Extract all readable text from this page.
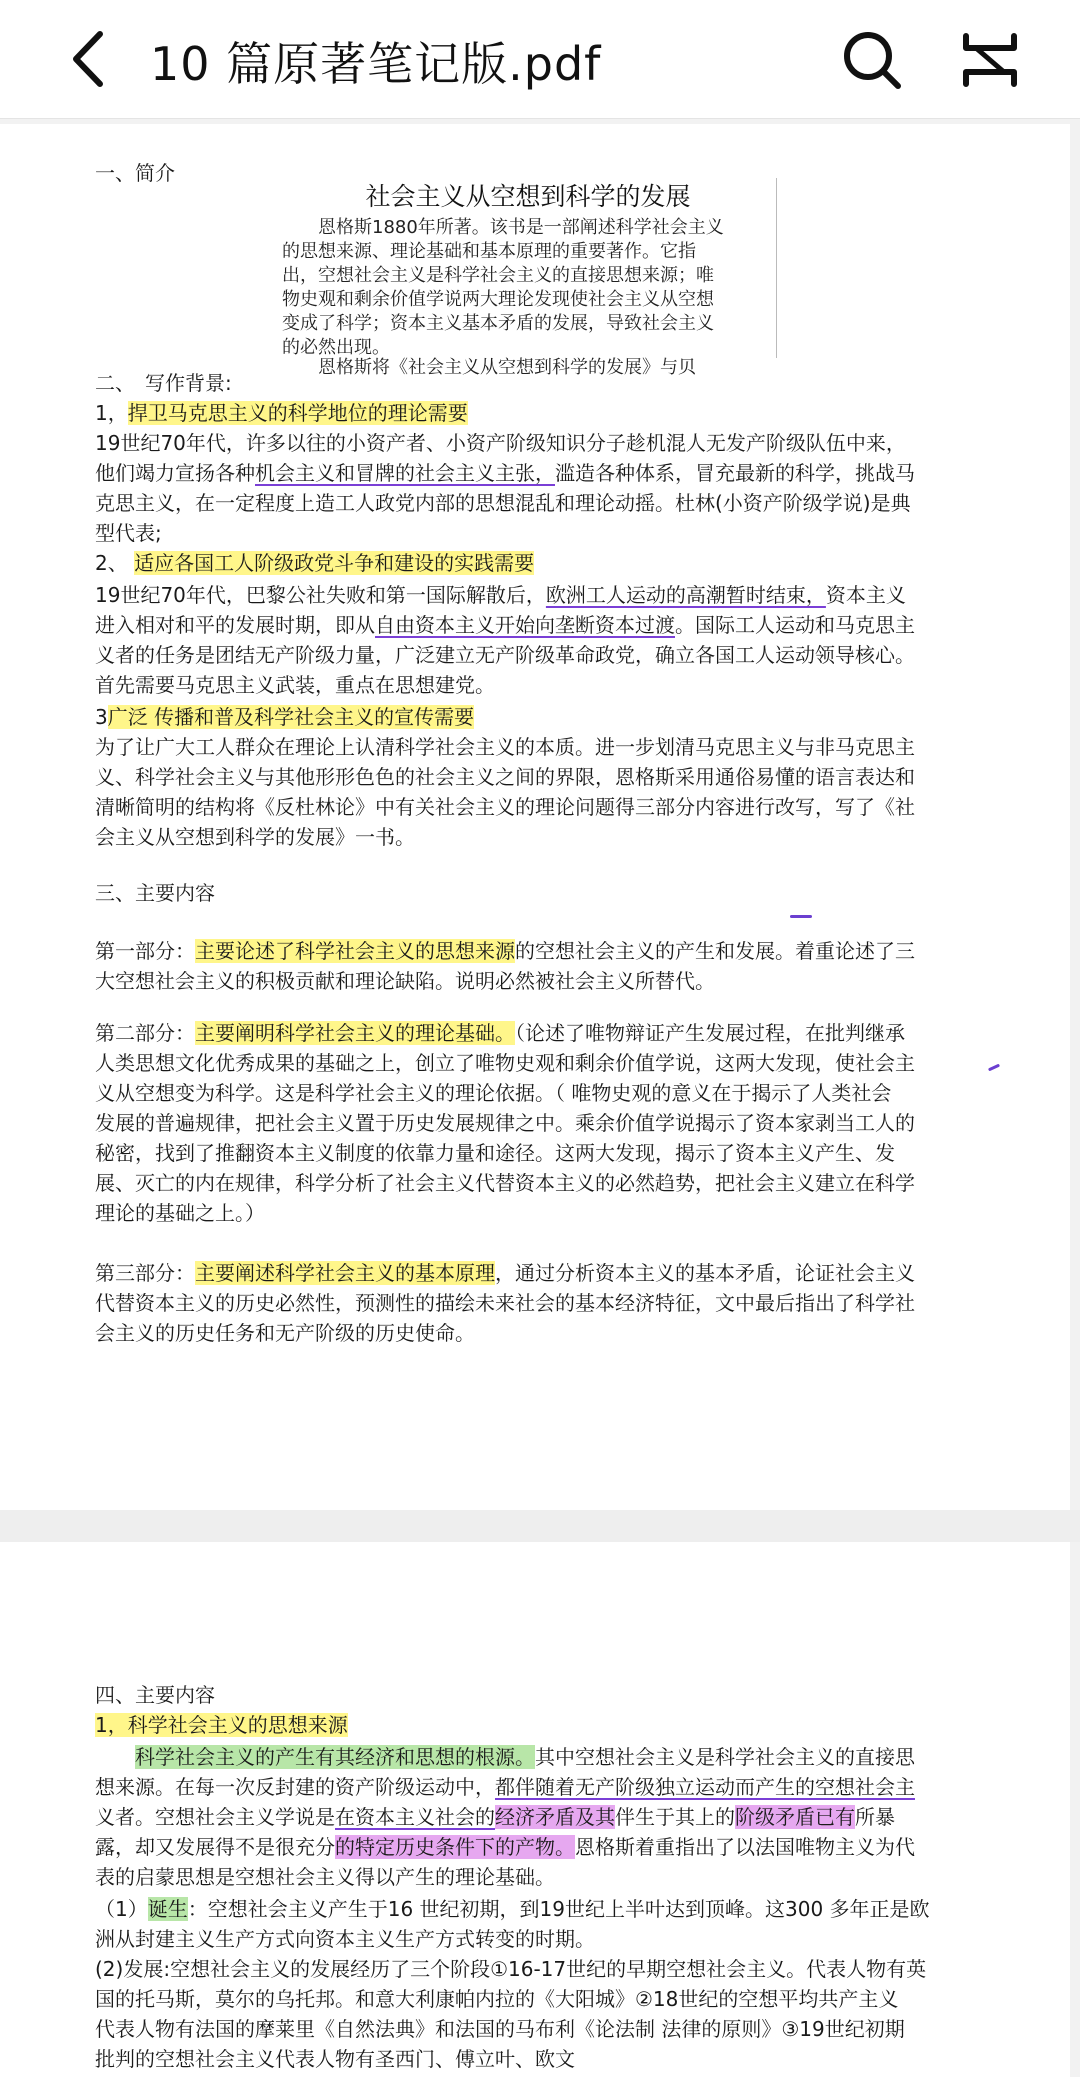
10 篇原著笔记版.pdf
一、简介
社会主义从空想到科学的发展
　　恩格斯1880年所著。该书是一部阐述科学社会主义
的思想来源、理论基础和基本原理的重要著作。它指
出，空想社会主义是科学社会主义的直接思想来源；唯
物史观和剩余价值学说两大理论发现使社会主义从空想
变成了科学；资本主义基本矛盾的发展，导致社会主义
的必然出现。
　　恩格斯将《社会主义从空想到科学的发展》与贝
二、　写作背景:
1，捍卫马克思主义的科学地位的理论需要
19世纪70年代，许多以往的小资产者、小资产阶级知识分子趁机混人无发产阶级队伍中来，
他们竭力宣扬各种机会主义和冒牌的社会主义主张，滥造各种体系，冒充最新的科学，挑战马
克思主义，在一定程度上造工人政党内部的思想混乱和理论动摇。杜林(小资产阶级学说)是典
型代表;
2、 适应各国工人阶级政党斗争和建设的实践需要
19世纪70年代，巴黎公社失败和第一国际解散后，欧洲工人运动的高潮暂时结束，资本主义
进入相对和平的发展时期，即从自由资本主义开始向垄断资本过渡。国际工人运动和马克思主
义者的任务是团结无产阶级力量，广泛建立无产阶级革命政党，确立各国工人运动领导核心。
首先需要马克思主义武装，重点在思想建党。
3广泛 传播和普及科学社会主义的宣传需要
为了让广大工人群众在理论上认清科学社会主义的本质。进一步划清马克思主义与非马克思主
义、科学社会主义与其他形形色色的社会主义之间的界限，恩格斯采用通俗易懂的语言表达和
清晰简明的结构将《反杜林论》中有关社会主义的理论问题得三部分内容进行改写，写了《社
会主义从空想到科学的发展》一书。
三、主要内容
第一部分：主要论述了科学社会主义的思想来源的空想社会主义的产生和发展。着重论述了三
大空想社会主义的积极贡献和理论缺陷。说明必然被社会主义所替代。
第二部分：主要阐明科学社会主义的理论基础。（论述了唯物辩证产生发展过程，在批判继承
人类思想文化优秀成果的基础之上，创立了唯物史观和剩余价值学说，这两大发现，使社会主
义从空想变为科学。这是科学社会主义的理论依据。（ 唯物史观的意义在于揭示了人类社会
发展的普遍规律，把社会主义置于历史发展规律之中。乘余价值学说揭示了资本家剥当工人的
秘密，找到了推翻资本主义制度的依靠力量和途径。这两大发现，揭示了资本主义产生、发
展、灭亡的内在规律，科学分析了社会主义代替资本主义的必然趋势，把社会主义建立在科学
理论的基础之上。）
第三部分：主要阐述科学社会主义的基本原理，通过分析资本主义的基本矛盾，论证社会主义
代替资本主义的历史必然性，预测性的描绘未来社会的基本经济特征，文中最后指出了科学社
会主义的历史任务和无产阶级的历史使命。
四、主要内容
1，科学社会主义的思想来源
　　科学社会主义的产生有其经济和思想的根源。其中空想社会主义是科学社会主义的直接思
想来源。在每一次反封建的资产阶级运动中，都伴随着无产阶级独立运动而产生的空想社会主
义者。空想社会主义学说是在资本主义社会的经济矛盾及其伴生于其上的阶级矛盾已有所暴
露，却又发展得不是很充分的特定历史条件下的产物。恩格斯着重指出了以法国唯物主义为代
表的启蒙思想是空想社会主义得以产生的理论基础。
（1）诞生：空想社会主义产生于16 世纪初期，到19世纪上半叶达到顶峰。这300 多年正是欧
洲从封建主义生产方式向资本主义生产方式转变的时期。
(2)发展:空想社会主义的发展经历了三个阶段①16-17世纪的早期空想社会主义。代表人物有英
国的托马斯，莫尔的乌托邦。和意大利康帕内拉的《大阳城》②18世纪的空想平均共产主义
代表人物有法国的摩莱里《自然法典》和法国的马布利《论法制 法律的原则》③19世纪初期
批判的空想社会主义代表人物有圣西门、傅立叶、欧文
